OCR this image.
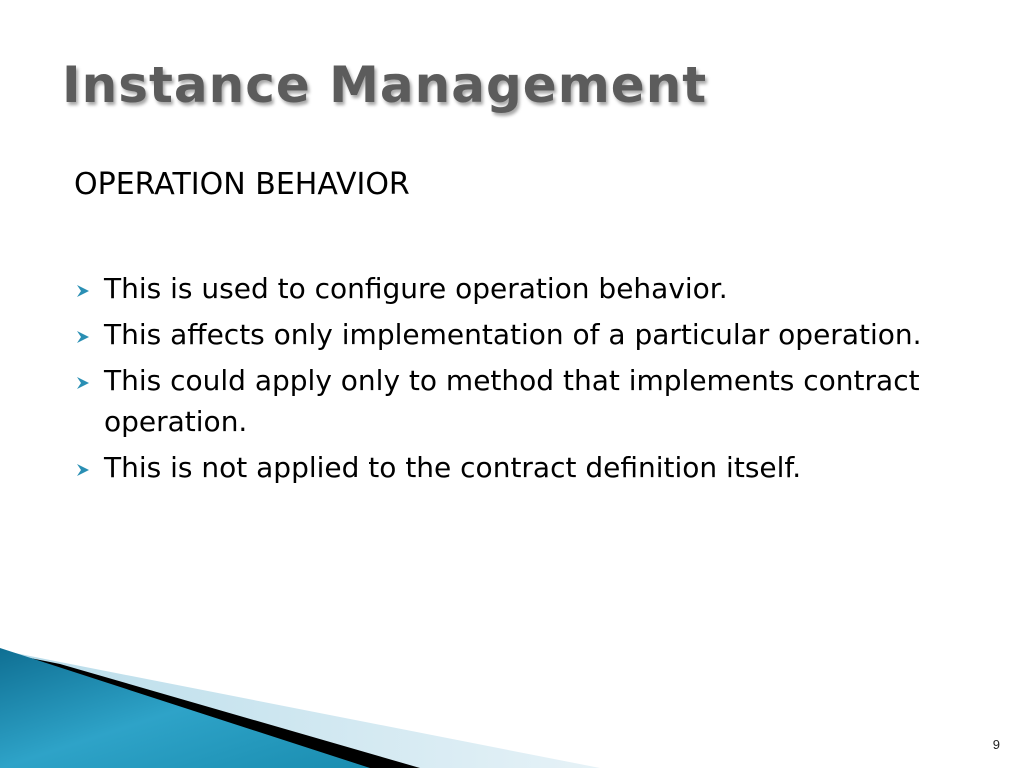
Instance Management
OPERATION BEHAVIOR
This is used to configure operation behavior.
This affects only implementation of a particular operation.
This could apply only to method that implements contract operation.
This is not applied to the contract definition itself.
9
